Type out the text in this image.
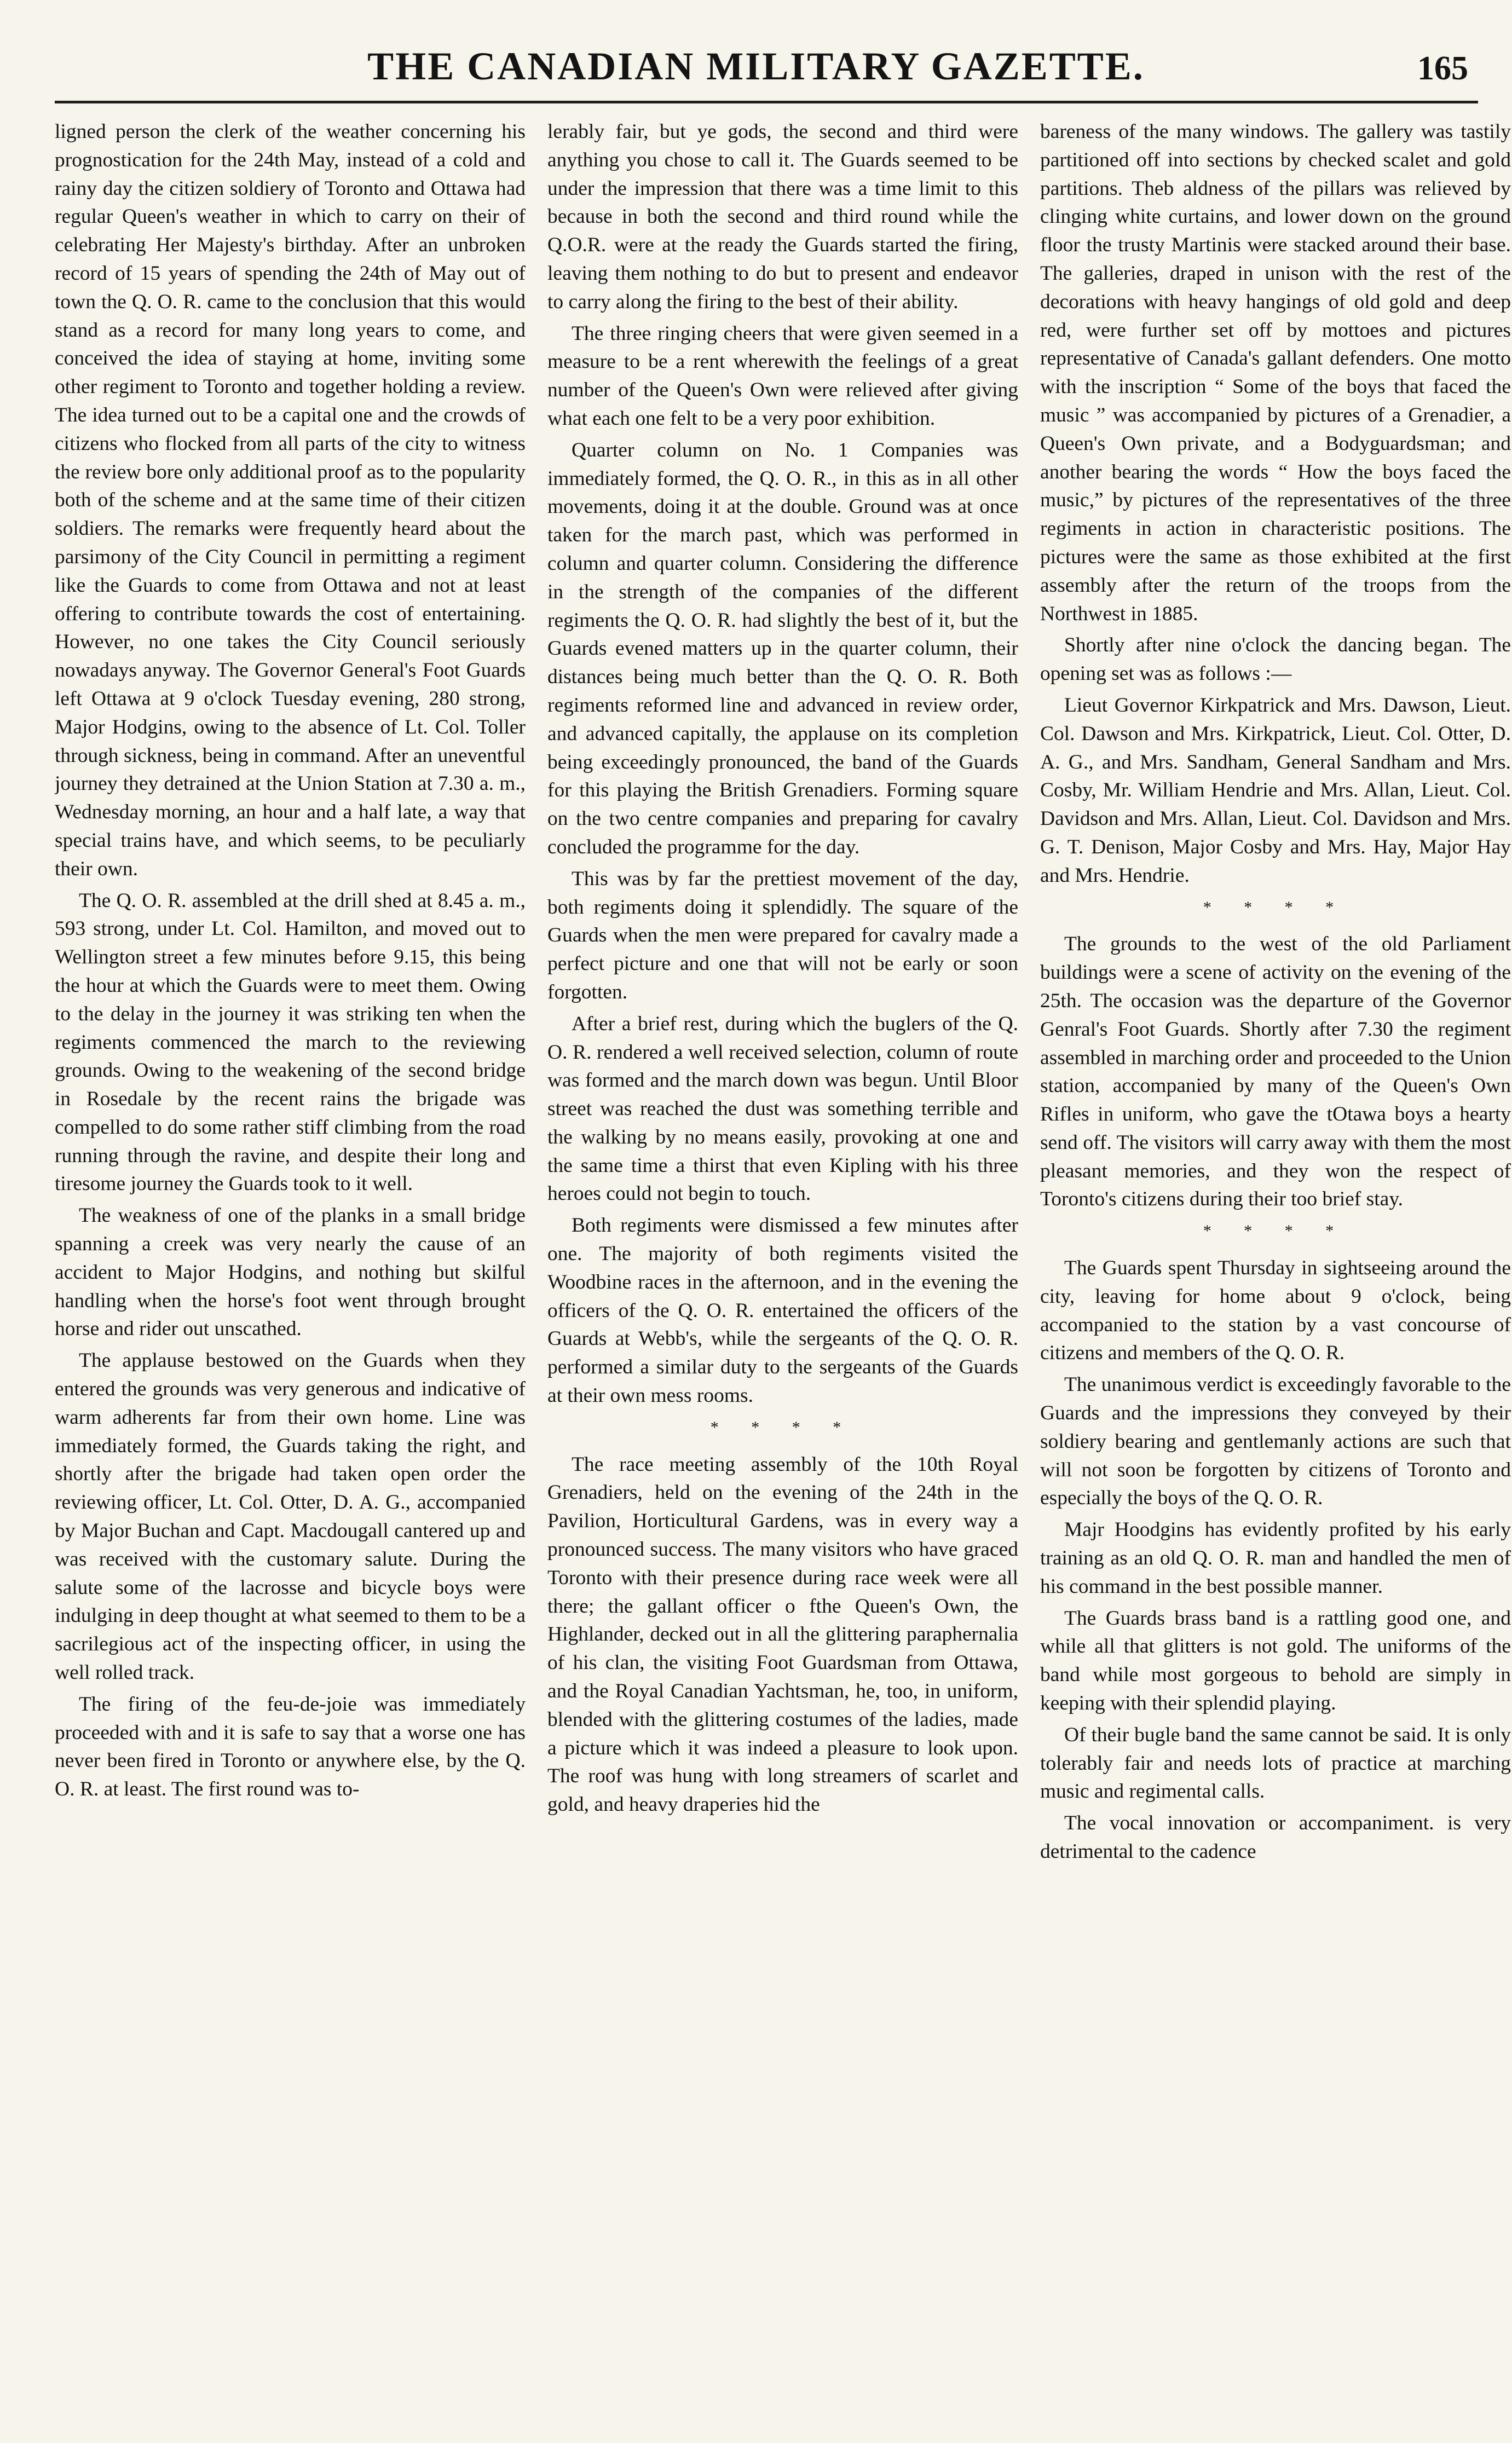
THE CANADIAN MILITARY GAZETTE.	165

ligned person the clerk of the weather concerning his prognostication for the 24th May, instead of a cold and rainy day the citizen soldiery of Toronto and Ottawa had regular Queen's weather in which to carry on their of celebrating Her Majesty's birthday. After an unbroken record of 15 years of spending the 24th of May out of town the Q. O. R. came to the conclusion that this would stand as a record for many long years to come, and conceived the idea of staying at home, inviting some other regiment to Toronto and together holding a review. The idea turned out to be a capital one and the crowds of citizens who flocked from all parts of the city to witness the review bore only additional proof as to the popularity both of the scheme and at the same time of their citizen soldiers. The remarks were frequently heard about the parsimony of the City Council in permitting a regiment like the Guards to come from Ottawa and not at least offering to contribute towards the cost of entertaining. However, no one takes the City Council seriously nowadays anyway. The Governor General's Foot Guards left Ottawa at 9 o'clock Tuesday evening, 280 strong, Major Hodgins, owing to the absence of Lt. Col. Toller through sickness, being in command. After an uneventful journey they detrained at the Union Station at 7.30 a. m., Wednesday morning, an hour and a half late, a way that special trains have, and which seems, to be peculiarly their own.

The Q. O. R. assembled at the drill shed at 8.45 a. m., 593 strong, under Lt. Col. Hamilton, and moved out to Wellington street a few minutes before 9.15, this being the hour at which the Guards were to meet them. Owing to the delay in the journey it was striking ten when the regiments commenced the march to the reviewing grounds. Owing to the weakening of the second bridge in Rosedale by the recent rains the brigade was compelled to do some rather stiff climbing from the road running through the ravine, and despite their long and tiresome journey the Guards took to it well.

The weakness of one of the planks in a small bridge spanning a creek was very nearly the cause of an accident to Major Hodgins, and nothing but skilful handling when the horse's foot went through brought horse and rider out unscathed.

The applause bestowed on the Guards when they entered the grounds was very generous and indicative of warm adherents far from their own home. Line was immediately formed, the Guards taking the right, and shortly after the brigade had taken open order the reviewing officer, Lt. Col. Otter, D. A. G., accompanied by Major Buchan and Capt. Macdougall cantered up and was received with the customary salute. During the salute some of the lacrosse and bicycle boys were indulging in deep thought at what seemed to them to be a sacrilegious act of the inspecting officer, in using the well rolled track.

The firing of the feu-de-joie was immediately proceeded with and it is safe to say that a worse one has never been fired in Toronto or anywhere else, by the Q. O. R. at least. The first round was to-

lerably fair, but ye gods, the second and third were anything you chose to call it. The Guards seemed to be under the impression that there was a time limit to this because in both the second and third round while the Q.O.R. were at the ready the Guards started the firing, leaving them nothing to do but to present and endeavor to carry along the firing to the best of their ability.

The three ringing cheers that were given seemed in a measure to be a rent wherewith the feelings of a great number of the Queen's Own were relieved after giving what each one felt to be a very poor exhibition.

Quarter column on No. 1 Companies was immediately formed, the Q. O. R., in this as in all other movements, doing it at the double. Ground was at once taken for the march past, which was performed in column and quarter column. Considering the difference in the strength of the companies of the different regiments the Q. O. R. had slightly the best of it, but the Guards evened matters up in the quarter column, their distances being much better than the Q. O. R. Both regiments reformed line and advanced in review order, and advanced capitally, the applause on its completion being exceedingly pronounced, the band of the Guards for this playing the British Grenadiers. Forming square on the two centre companies and preparing for cavalry concluded the programme for the day.

This was by far the prettiest movement of the day, both regiments doing it splendidly. The square of the Guards when the men were prepared for cavalry made a perfect picture and one that will not be early or soon forgotten.

After a brief rest, during which the buglers of the Q. O. R. rendered a well received selection, column of route was formed and the march down was begun. Until Bloor street was reached the dust was something terrible and the walking by no means easily, provoking at one and the same time a thirst that even Kipling with his three heroes could not begin to touch.

Both regiments were dismissed a few minutes after one. The majority of both regiments visited the Woodbine races in the afternoon, and in the evening the officers of the Q. O. R. entertained the officers of the Guards at Webb's, while the sergeants of the Q. O. R. performed a similar duty to the sergeants of the Guards at their own mess rooms.

* * * *

The race meeting assembly of the 10th Royal Grenadiers, held on the evening of the 24th in the Pavilion, Horticultural Gardens, was in every way a pronounced success. The many visitors who have graced Toronto with their presence during race week were all there; the gallant officer o fthe Queen's Own, the Highlander, decked out in all the glittering paraphernalia of his clan, the visiting Foot Guardsman from Ottawa, and the Royal Canadian Yachtsman, he, too, in uniform, blended with the glittering costumes of the ladies, made a picture which it was indeed a pleasure to look upon. The roof was hung with long streamers of scarlet and gold, and heavy draperies hid the

bareness of the many windows. The gallery was tastily partitioned off into sections by checked scalet and gold partitions. Theb aldness of the pillars was relieved by clinging white curtains, and lower down on the ground floor the trusty Martinis were stacked around their base. The galleries, draped in unison with the rest of the decorations with heavy hangings of old gold and deep red, were further set off by mottoes and pictures representative of Canada's gallant defenders. One motto with the inscription “ Some of the boys that faced the music ” was accompanied by pictures of a Grenadier, a Queen's Own private, and a Bodyguardsman; and another bearing the words “ How the boys faced the music,” by pictures of the representatives of the three regiments in action in characteristic positions. The pictures were the same as those exhibited at the first assembly after the return of the troops from the Northwest in 1885.

Shortly after nine o'clock the dancing began. The opening set was as follows :—

Lieut Governor Kirkpatrick and Mrs. Dawson, Lieut. Col. Dawson and Mrs. Kirkpatrick, Lieut. Col. Otter, D. A. G., and Mrs. Sandham, General Sandham and Mrs. Cosby, Mr. William Hendrie and Mrs. Allan, Lieut. Col. Davidson and Mrs. Allan, Lieut. Col. Davidson and Mrs. G. T. Denison, Major Cosby and Mrs. Hay, Major Hay and Mrs. Hendrie.

* * * *

The grounds to the west of the old Parliament buildings were a scene of activity on the evening of the 25th. The occasion was the departure of the Governor Genral's Foot Guards. Shortly after 7.30 the regiment assembled in marching order and proceeded to the Union station, accompanied by many of the Queen's Own Rifles in uniform, who gave the tOtawa boys a hearty send off. The visitors will carry away with them the most pleasant memories, and they won the respect of Toronto's citizens during their too brief stay.

* * * *

The Guards spent Thursday in sightseeing around the city, leaving for home about 9 o'clock, being accompanied to the station by a vast concourse of citizens and members of the Q. O. R.

The unanimous verdict is exceedingly favorable to the Guards and the impressions they conveyed by their soldiery bearing and gentlemanly actions are such that will not soon be forgotten by citizens of Toronto and especially the boys of the Q. O. R.

Majr Hoodgins has evidently profited by his early training as an old Q. O. R. man and handled the men of his command in the best possible manner.

The Guards brass band is a rattling good one, and while all that glitters is not gold. The uniforms of the band while most gorgeous to behold are simply in keeping with their splendid playing.

Of their bugle band the same cannot be said. It is only tolerably fair and needs lots of practice at marching music and regimental calls.

The vocal innovation or accompaniment. is very detrimental to the cadence
